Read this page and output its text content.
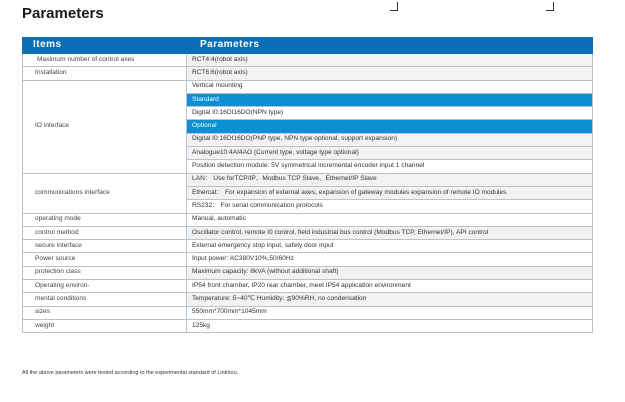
Parameters
Items	Parameters
Maximum number of control axes	RCT4:4(robot axis)
Installation	RCT6:6(robot axis)
IO interface	Vertical mounting
	Standard
	Digital I0:16DI16DO(NPN type)
	Optional
	Digital I0:16DI16DO(PNP type, NPN type optional, support expansion)
	Analogue10:4AI4AO (Current type, voltage type optional)
	Position detection module: 5V symmetrical incremental encoder input 1 channel
communications interface	LAN： Use forTCP/IP、Modbus TCP Slave、Ethernet/IP Slave
	Ethercat： For expansion of external axes, expansion of gateway modules expansion of remote IO modules
	RS232： For serial communication protocols
operating mode	Manual, automatic
control method	Oscillator control, remote I0 control, field industrial bus control (Modbus TCP, Ethernet/IP), API control
secure interface	External emergency stop input, safety door input
Power source	Input power: AC380V10%,50/60Hz
protection class	Maximum capacity: 8kVA (without additional shaft)
Operating environ-	IP54 front chamber, IP20 rear chamber, meet IP54 application environment
mental conditions	Temperature: 5~40℃ Humidity: ≦90%RH, no condensation
sizes	550mm*700mm*1045mm
weight	125kg
All the above parameters were tested according to the experimental standard of Linkhou.
